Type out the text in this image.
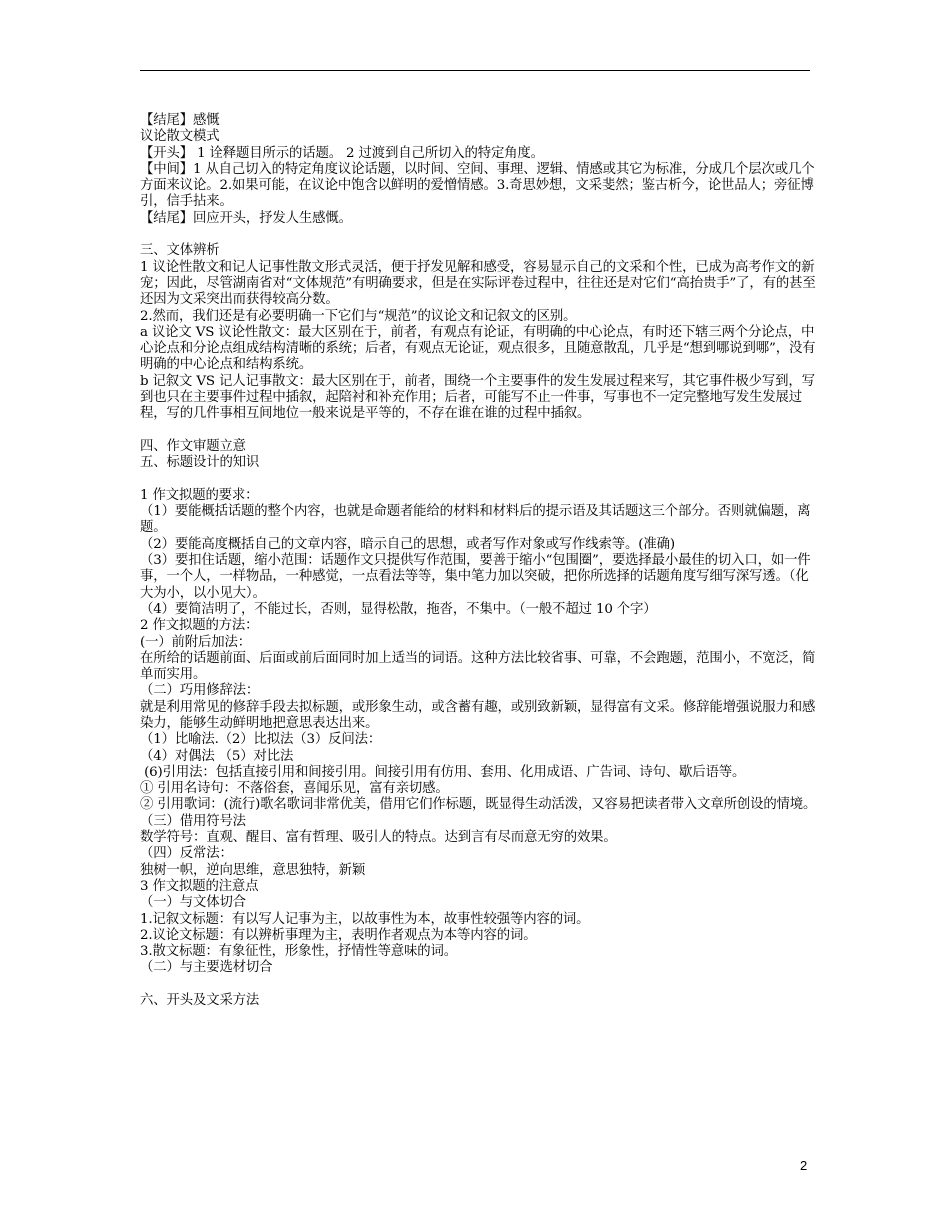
【结尾】感慨

议论散文模式

【开头】 1 诠释题目所示的话题。 2 过渡到自己所切入的特定角度。

【中间】1 从自己切入的特定角度议论话题，以时间、空间、事理、逻辑、情感或其它为标准，分成几个层次或几个方面来议论。2.如果可能，在议论中饱含以鲜明的爱憎情感。3.奇思妙想，文采斐然；鉴古析今，论世品人；旁征博引，信手拈来。

【结尾】回应开头，抒发人生感慨。

三、文体辨析

1 议论性散文和记人记事性散文形式灵活，便于抒发见解和感受，容易显示自己的文采和个性，已成为高考作文的新宠；因此，尽管湖南省对“文体规范”有明确要求，但是在实际评卷过程中，往往还是对它们“高抬贵手”了，有的甚至还因为文采突出而获得较高分数。

2.然而，我们还是有必要明确一下它们与“规范”的议论文和记叙文的区别。

a 议论文 VS 议论性散文：最大区别在于，前者，有观点有论证，有明确的中心论点，有时还下辖三两个分论点，中心论点和分论点组成结构清晰的系统；后者，有观点无论证，观点很多，且随意散乱，几乎是“想到哪说到哪”，没有明确的中心论点和结构系统。

b 记叙文 VS 记人记事散文：最大区别在于，前者，围绕一个主要事件的发生发展过程来写，其它事件极少写到，写到也只在主要事件过程中插叙，起陪衬和补充作用；后者，可能写不止一件事，写事也不一定完整地写发生发展过程，写的几件事相互间地位一般来说是平等的，不存在谁在谁的过程中插叙。

四、作文审题立意

五、标题设计的知识

1 作文拟题的要求：

（1）要能概括话题的整个内容，也就是命题者能给的材料和材料后的提示语及其话题这三个部分。否则就偏题，离题。

（2）要能高度概括自己的文章内容，暗示自己的思想，或者写作对象或写作线索等。(准确)

（3）要扣住话题，缩小范围：话题作文只提供写作范围，要善于缩小“包围圈”，要选择最小最佳的切入口，如一件事，一个人，一样物品，一种感觉，一点看法等等，集中笔力加以突破，把你所选择的话题角度写细写深写透。（化大为小，以小见大）。

（4）要简洁明了，不能过长，否则，显得松散，拖沓，不集中。（一般不超过 10 个字）

2 作文拟题的方法：

(一）前附后加法：

在所给的话题前面、后面或前后面同时加上适当的词语。这种方法比较省事、可靠，不会跑题，范围小，不宽泛，简单而实用。

（二）巧用修辞法：

就是利用常见的修辞手段去拟标题，或形象生动，或含蓄有趣，或别致新颖，显得富有文采。修辞能增强说服力和感染力，能够生动鲜明地把意思表达出来。

（1）比喻法.（2）比拟法（3）反问法：

（4）对偶法 （5）对比法

(6)引用法：包括直接引用和间接引用。间接引用有仿用、套用、化用成语、广告词、诗句、歇后语等。

① 引用名诗句：不落俗套，喜闻乐见，富有亲切感。

② 引用歌词：(流行)歌名歌词非常优美，借用它们作标题，既显得生动活泼，又容易把读者带入文章所创设的情境。

（三）借用符号法

数学符号：直观、醒目、富有哲理、吸引人的特点。达到言有尽而意无穷的效果。

（四）反常法：

独树一帜，逆向思维，意思独特，新颖

3 作文拟题的注意点

（一）与文体切合

1.记叙文标题：有以写人记事为主，以故事性为本，故事性较强等内容的词。

2.议论文标题：有以辨析事理为主，表明作者观点为本等内容的词。

3.散文标题：有象征性，形象性，抒情性等意味的词。

（二）与主要选材切合

六、开头及文采方法

2
